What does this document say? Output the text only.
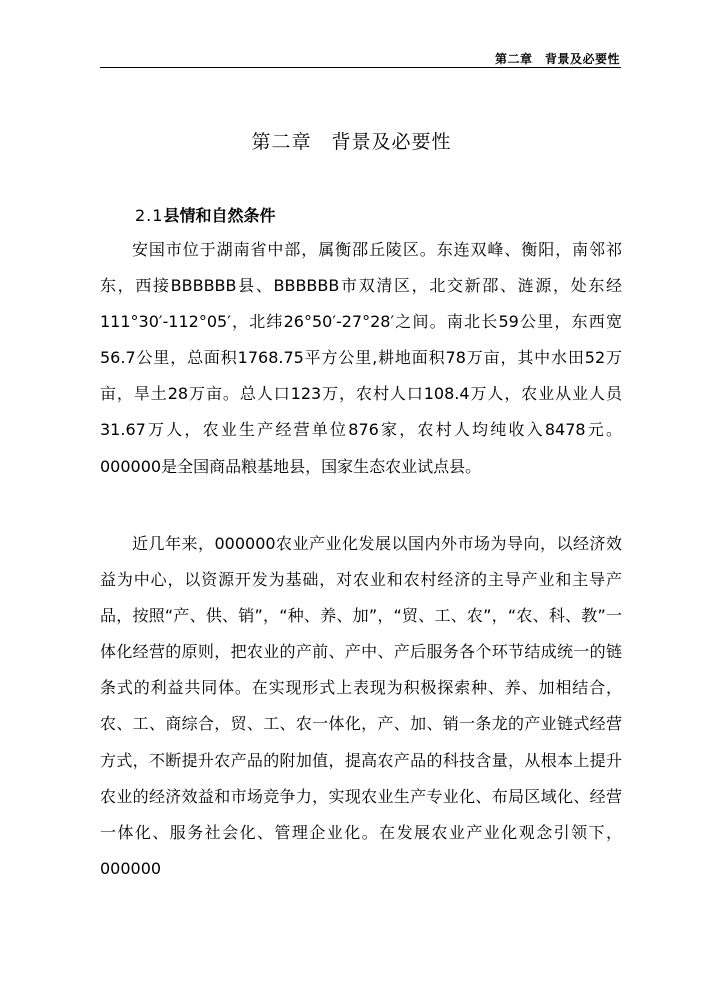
第二章　背景及必要性
第二章　背景及必要性
2.1县情和自然条件

安国市位于湖南省中部，属衡邵丘陵区。东连双峰、衡阳，南邻祁东，西接BBBBBB县、BBBBBB市双清区，北交新邵、涟源，处东经111°30′-112°05′，北纬26°50′-27°28′之间。南北长59公里，东西宽56.7公里，总面积1768.75平方公里,耕地面积78万亩，其中水田52万亩，旱土28万亩。总人口123万，农村人口108.4万人，农业从业人员31.67万人，农业生产经营单位876家，农村人均纯收入8478元。000000是全国商品粮基地县，国家生态农业试点县。

近几年来，000000农业产业化发展以国内外市场为导向，以经济效益为中心，以资源开发为基础，对农业和农村经济的主导产业和主导产品，按照“产、供、销”，“种、养、加”，“贸、工、农”，“农、科、教”一体化经营的原则，把农业的产前、产中、产后服务各个环节结成统一的链条式的利益共同体。在实现形式上表现为积极探索种、养、加相结合，农、工、商综合，贸、工、农一体化，产、加、销一条龙的产业链式经营方式，不断提升农产品的附加值，提高农产品的科技含量，从根本上提升农业的经济效益和市场竞争力，实现农业生产专业化、布局区域化、经营一体化、服务社会化、管理企业化。在发展农业产业化观念引领下，000000
